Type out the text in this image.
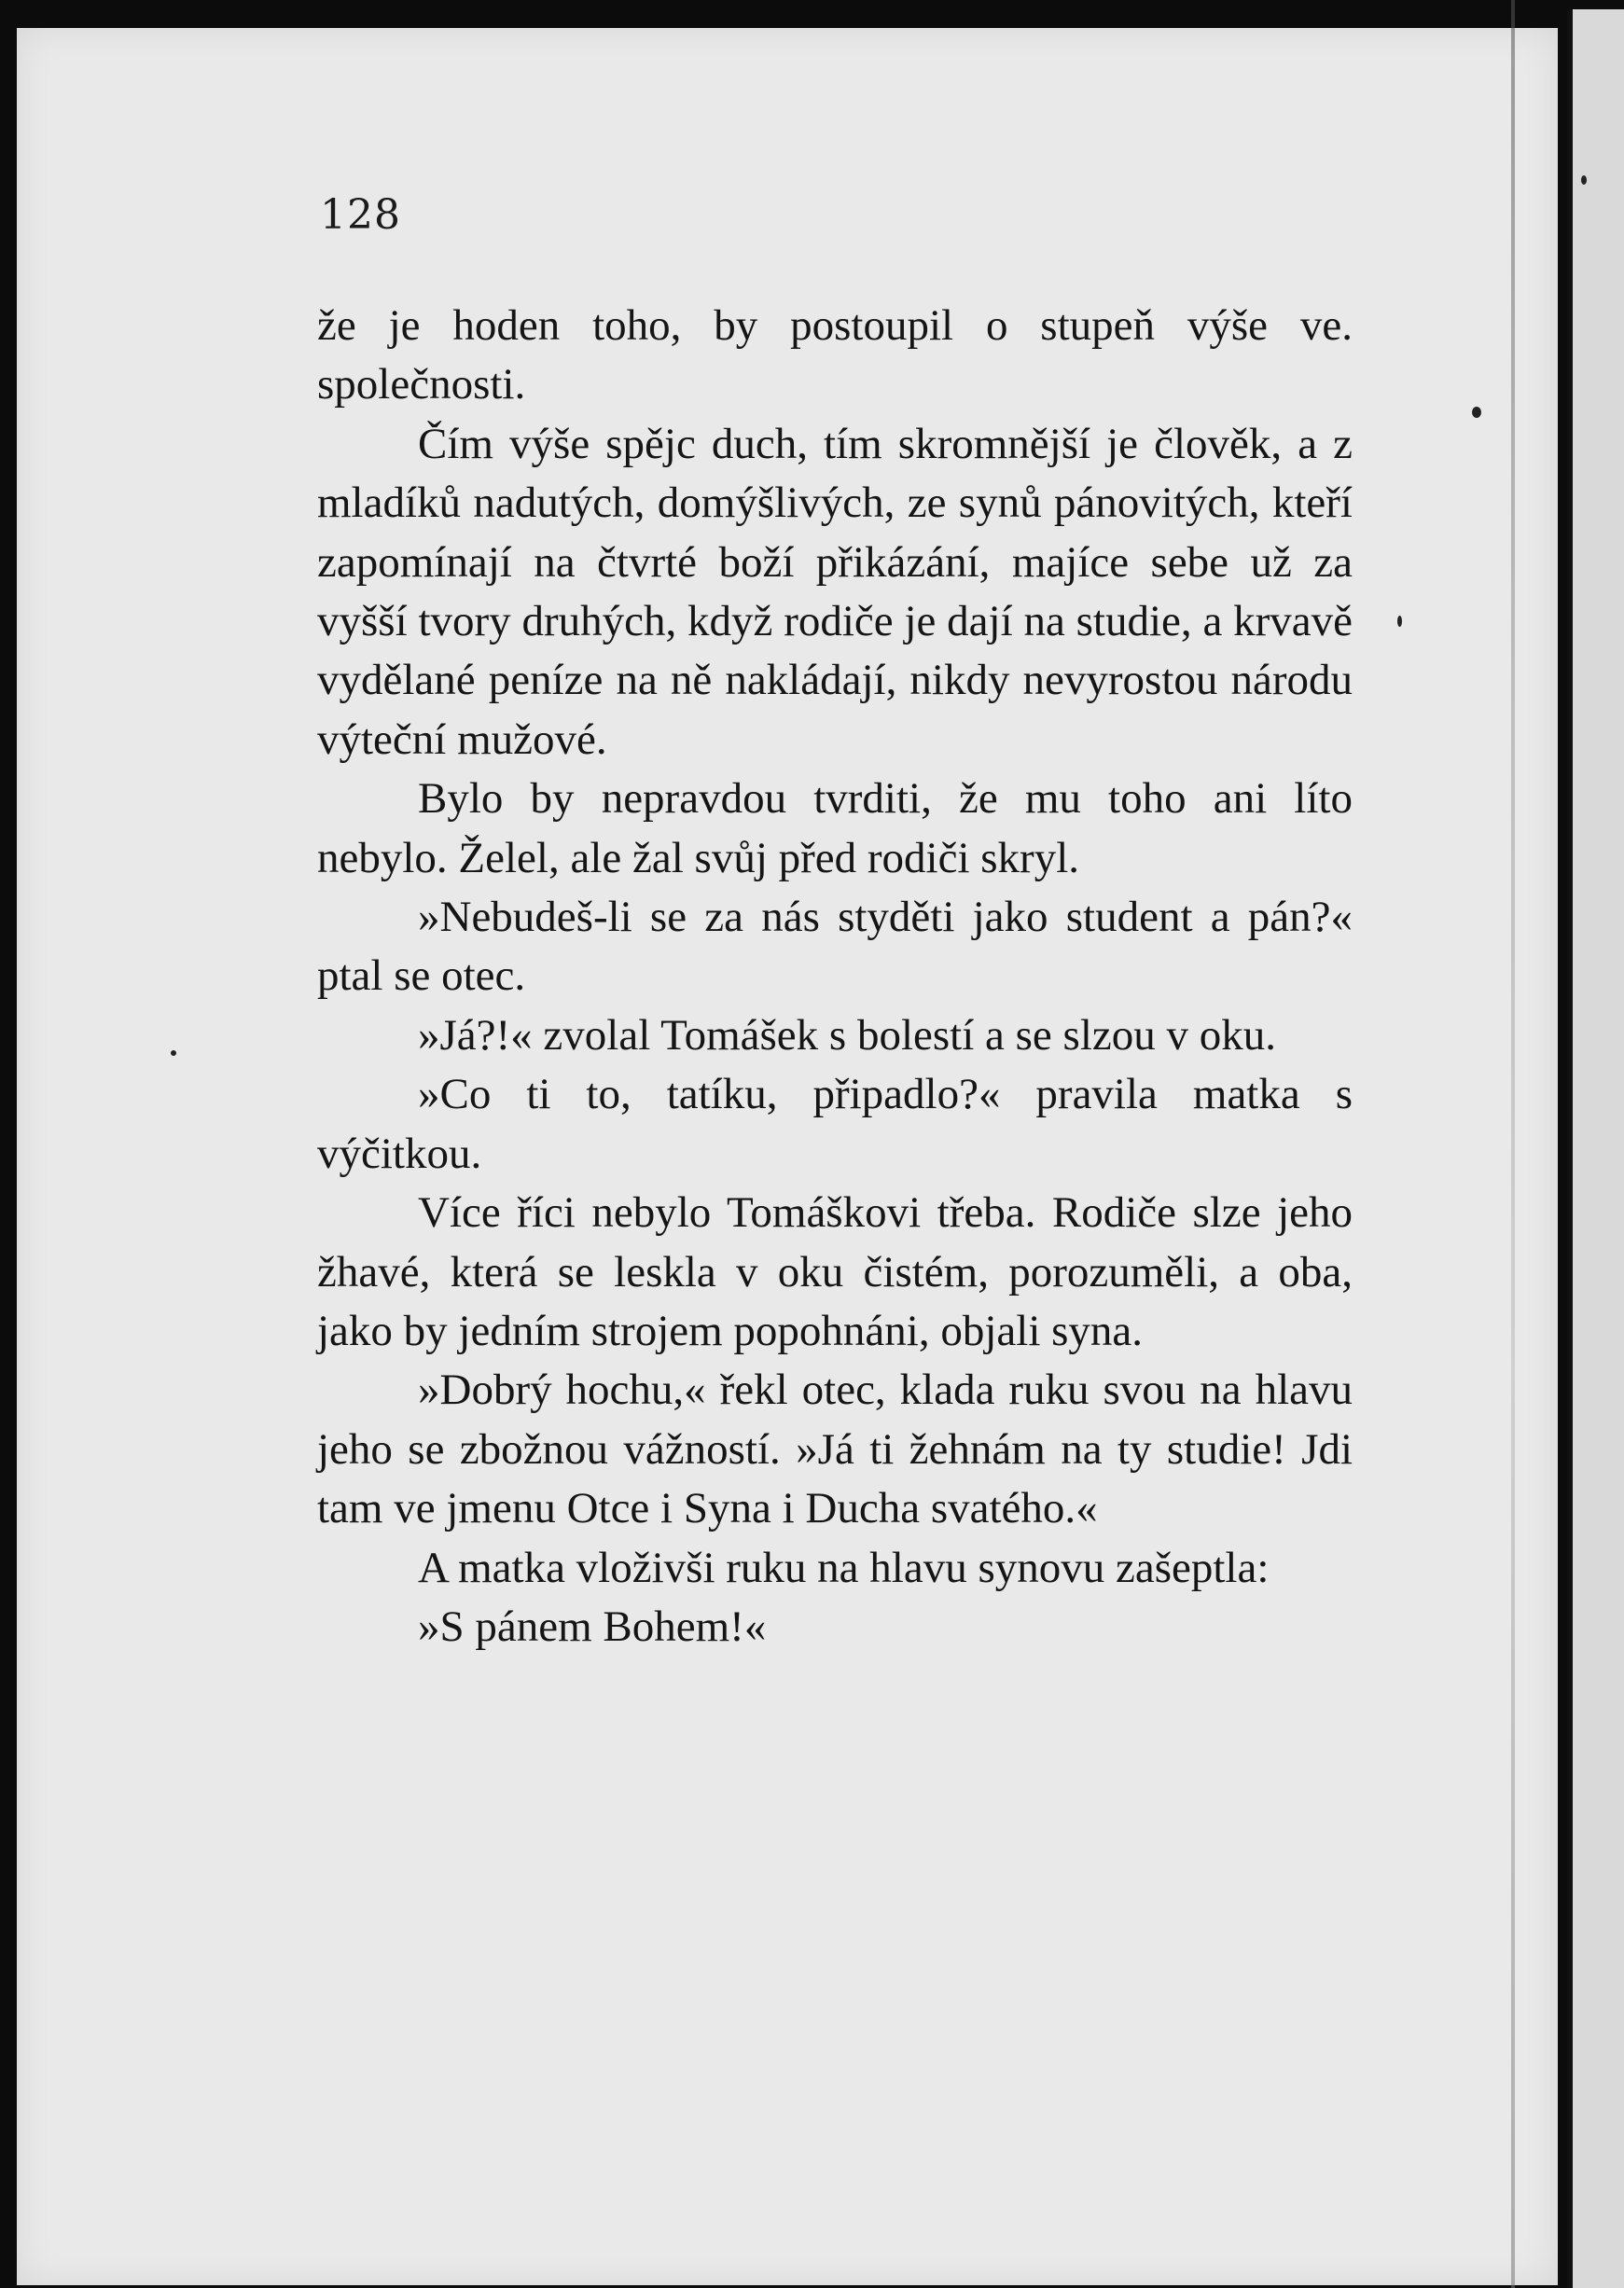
128

že je hoden toho, by postoupil o stupeň výše ve. společnosti.

Čím výše spějc duch, tím skromnější je člověk, a z mladíků nadutých, domýšlivých, ze synů pánovitých, kteří zapomínají na čtvrté boží přikázání, majíce sebe už za vyšší tvory druhých, když rodiče je dají na studie, a krvavě vydělané peníze na ně nakládají, nikdy nevyrostou národu výteční mužové.

Bylo by nepravdou tvrditi, že mu toho ani líto nebylo. Želel, ale žal svůj před rodiči skryl.

»Nebudeš-li se za nás styděti jako student a pán?« ptal se otec.

»Já?!« zvolal Tomášek s bolestí a se slzou v oku.

»Co ti to, tatíku, připadlo?« pravila matka s výčitkou.

Více říci nebylo Tomáškovi třeba. Rodiče slze jeho žhavé, která se leskla v oku čistém, porozuměli, a oba, jako by jedním strojem popohnáni, objali syna.

»Dobrý hochu,« řekl otec, klada ruku svou na hlavu jeho se zbožnou vážností. »Já ti žehnám na ty studie! Jdi tam ve jmenu Otce i Syna i Ducha svatého.«

A matka vloživši ruku na hlavu synovu zašeptla:

»S pánem Bohem!«
